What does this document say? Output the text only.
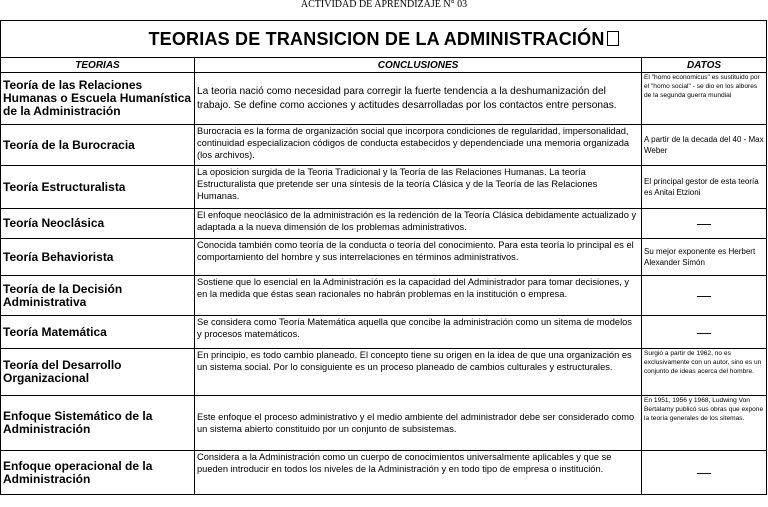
ACTIVIDAD DE APRENDIZAJE N° 03
TEORIAS DE TRANSICION DE LA ADMINISTRACIÓN		
TEORIAS	CONCLUSIONES	DATOS
Teoría de las Relaciones Humanas o Escuela Humanística de la Administración	La teoria nació como necesidad para corregir la fuerte tendencia a la deshumanización del trabajo. Se define como acciones y actitudes desarrolladas por los contactos entre personas.	El "homo economicus" es sustituido por el "homo social" - se dio en los albores de la segunda guerra mundial
Teoría de la Burocracia	Burocracia es la forma de organización social que incorpora condiciones de regularidad, impersonalidad, continuidad especializacion códigos de conducta estabecidos y dependenciade una memoria organizada (los archivos).	A partir de la decada del 40 - Max Weber
Teoría Estructuralista	La oposicion surgida de la Teoria Tradicional y la Teoría de las Relaciones Humanas. La teoría Estructuralista que pretende ser una síntesis de la teoría Clásica y de la Teoría de las Relaciones Humanas.	El principal gestor de esta teoría es Anitai Etzioni
Teoría Neoclásica	El enfoque neoclásico de la administración es la redención de la Teoría Clásica debidamente actualizado y adaptada a la nueva dimensión de los problemas administrativos.	—
Teoría Behaviorista	Conocida también como teoría de la conducta o teoría del conocimiento. Para esta teoría lo principal es el comportamiento del hombre y sus interrelaciones en términos administrativos.	Su mejor exponente es Herbert Alexander Simón
Teoría de la Decisión Administrativa	Sostiene que lo esencial en la Administración es la capacidad del Administrador para tomar decisiones, y en la medida que éstas sean racionales no habrán problemas en la institución o empresa.	—
Teoría Matemática	Se considera como Teoría Matemática aquella que concibe la administración como un sitema de modelos y procesos matemáticos.	—
Teoría del Desarrollo Organizacional	En principio, es todo cambio planeado. El concepto tiene su origen en la idea de que una organización es un sistema social. Por lo consiguiente es un proceso planeado de cambios culturales y estructurales.	Surgió a partir de 1962, no es exclusivamente con un autor, sino es un conjunto de ideas acerca del hombre.
Enfoque Sistemático de la Administración	Este enfoque el proceso administrativo y el medio ambiente del administrador debe ser considerado como un sistema abierto constituido por un conjunto de subsistemas.	En 1951, 1956 y 1968, Ludwing Von Bertalamy publicó sus obras que expone la teoría generales de los sitemas.
Enfoque operacional de la Administración	Considera a la Administración como un cuerpo de conocimientos universalmente aplicables y que se pueden introducir en todos los niveles de la Administración y en todo tipo de empresa o institución.	—
